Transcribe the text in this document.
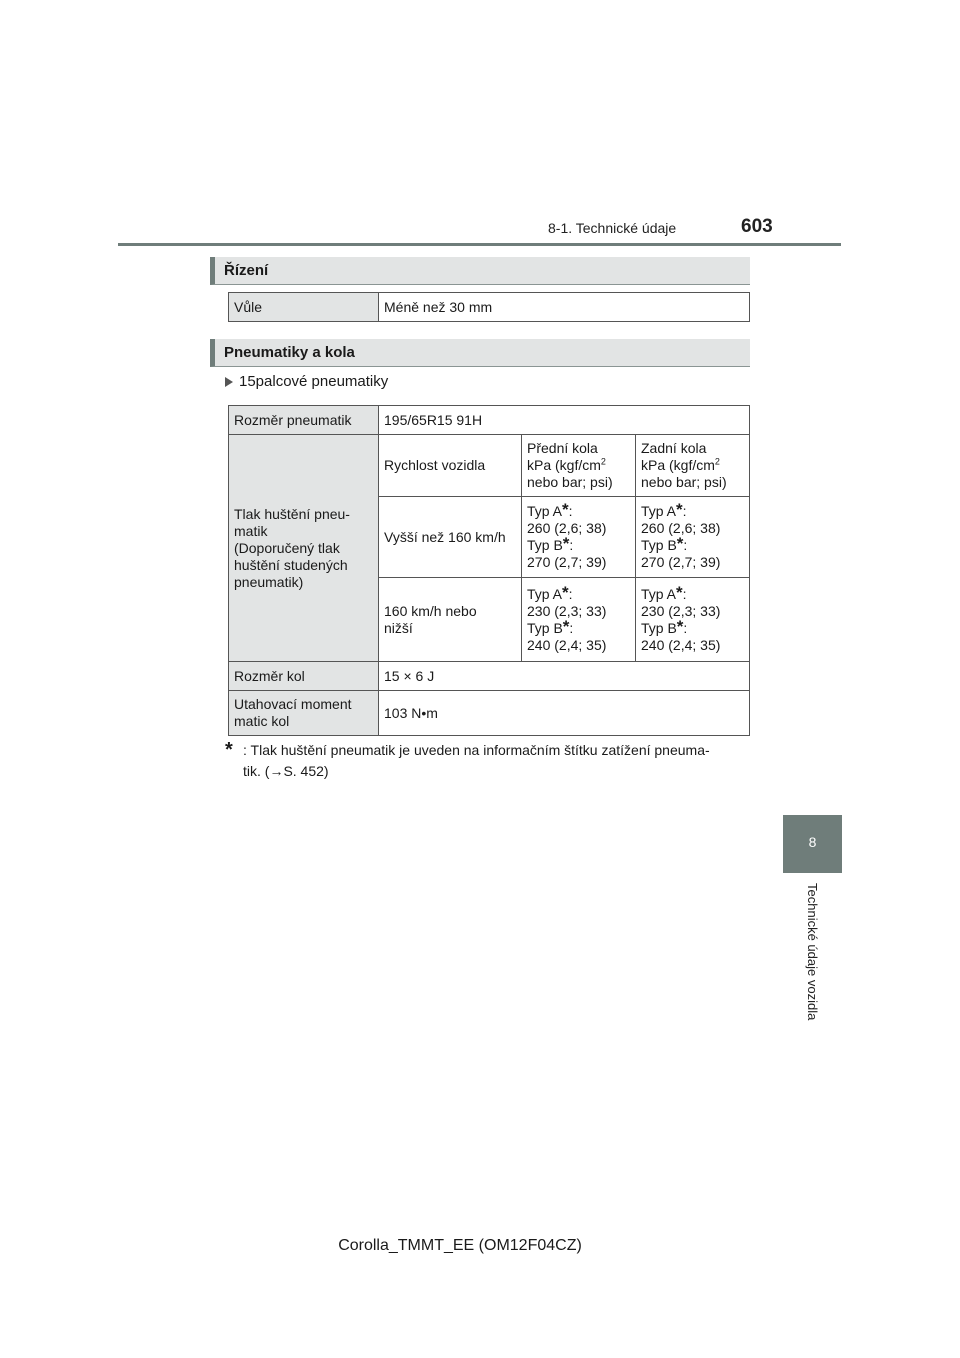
8-1. Technické údaje	603
8
Technické údaje vozidla
Řízení
Vůle	Méně než 30 mm
Pneumatiky a kola
15palcové pneumatiky
Rozměr pneumatik	195/65R15 91H		
Tlak huštění pneu-
matik
(Doporučený tlak
huštění studených
pneumatik)	Rychlost vozidla	Přední kola
kPa ($kgf/cm^2$
nebo bar; psi)	Zadní kola
kPa ($kgf/cm^2$
nebo bar; psi)
	Vyšší než 160 km/h	Typ A*:
260 (2,6; 38)
Typ B*:
270 (2,7; 39)	Typ A*:
260 (2,6; 38)
Typ B*:
270 (2,7; 39)
	160 km/h nebo
nižší	Typ A*:
230 (2,3; 33)
Typ B*:
240 (2,4; 35)	Typ A*:
230 (2,3; 33)
Typ B*:
240 (2,4; 35)
Rozměr kol	15 × 6 J		
Utahovací moment
matic kol	103 N•m		
* : Tlak huštění pneumatik je uveden na informačním štítku zatížení pneuma-
tik. (→S. 452)
Corolla_TMMT_EE (OM12F04CZ)
